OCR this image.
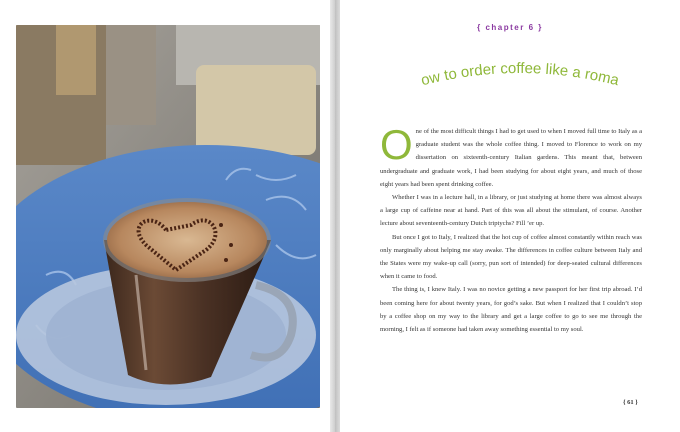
{ chapter 6 }
how to order coffee like a roman

One of the most difficult things I had to get used to when I moved full time to Italy as a graduate student was the whole coffee thing. I moved to Florence to work on my dissertation on sixteenth-century Italian gardens. This meant that, between undergraduate and graduate work, I had been studying for about eight years, and much of those eight years had been spent drinking coffee.

Whether I was in a lecture hall, in a library, or just studying at home there was almost always a large cup of caffeine near at hand. Part of this was all about the stimulant, of course. Another lecture about seventeenth-century Dutch triptychs? Fill ’er up.

But once I got to Italy, I realized that the hot cup of coffee almost constantly within reach was only marginally about helping me stay awake. The differences in coffee culture between Italy and the States were my wake-up call (sorry, pun sort of intended) for deep-seated cultural differences when it came to food.

The thing is, I knew Italy. I was no novice getting a new passport for her first trip abroad. I’d been coming here for about twenty years, for god’s sake. But when I realized that I couldn’t stop by a coffee shop on my way to the library and get a large coffee to go to see me through the morning, I felt as if someone had taken away something essential to my soul.

{ 61 }
